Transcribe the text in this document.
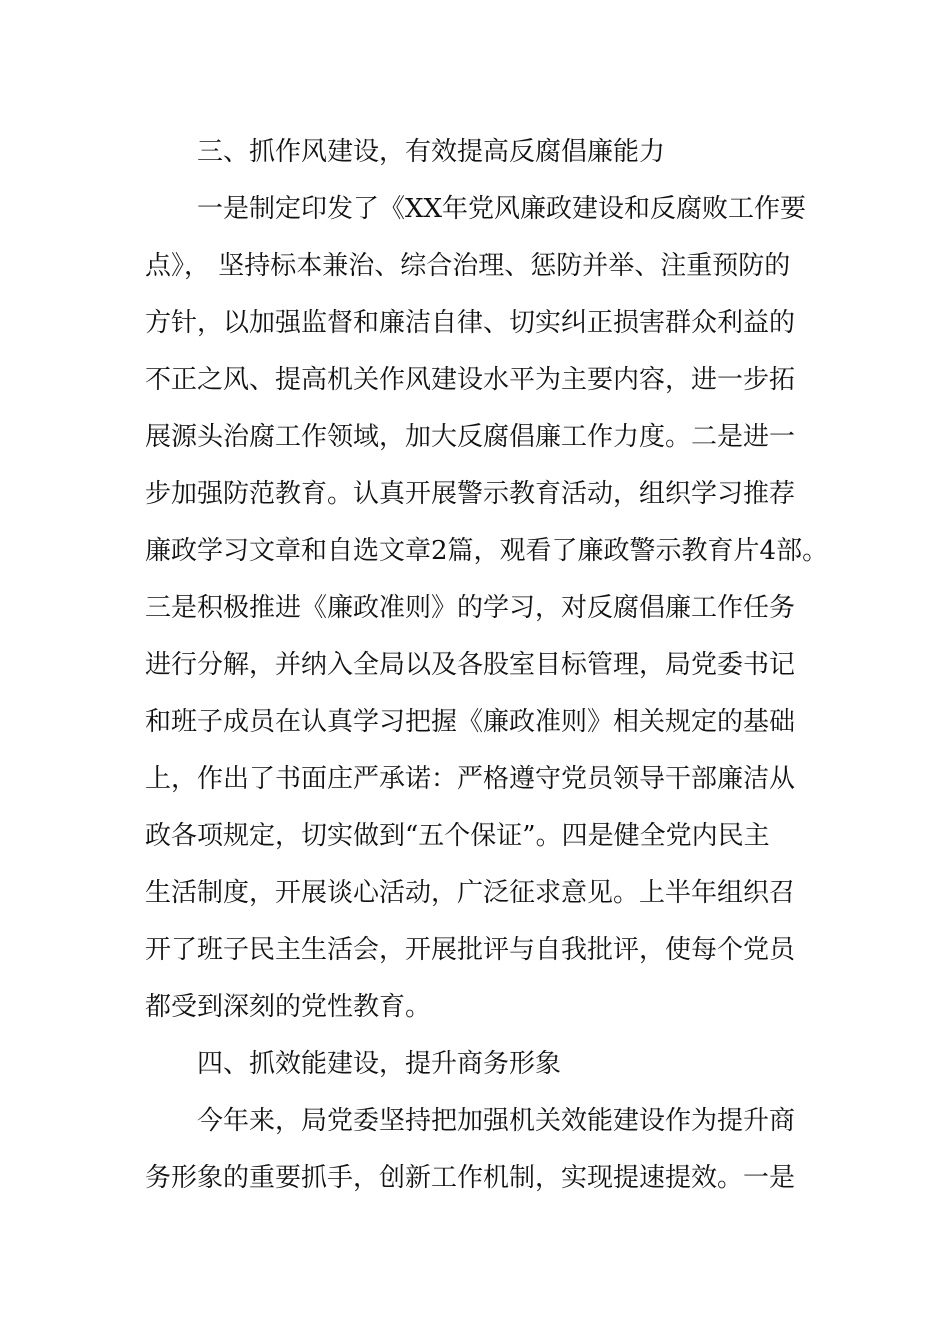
三、抓作风建设，有效提高反腐倡廉能力
一是制定印发了《XX年党风廉政建设和反腐败工作要
点》， 坚持标本兼治、综合治理、惩防并举、注重预防的
方针，以加强监督和廉洁自律、切实纠正损害群众利益的
不正之风、提高机关作风建设水平为主要内容，进一步拓
展源头治腐工作领域，加大反腐倡廉工作力度。二是进一
步加强防范教育。认真开展警示教育活动，组织学习推荐
廉政学习文章和自选文章2篇，观看了廉政警示教育片4部。
三是积极推进《廉政准则》的学习，对反腐倡廉工作任务
进行分解，并纳入全局以及各股室目标管理，局党委书记
和班子成员在认真学习把握《廉政准则》相关规定的基础
上，作出了书面庄严承诺：严格遵守党员领导干部廉洁从
政各项规定，切实做到“五个保证”。四是健全党内民主
生活制度，开展谈心活动，广泛征求意见。上半年组织召
开了班子民主生活会，开展批评与自我批评，使每个党员
都受到深刻的党性教育。
四、抓效能建设，提升商务形象
今年来，局党委坚持把加强机关效能建设作为提升商
务形象的重要抓手，创新工作机制，实现提速提效。一是
